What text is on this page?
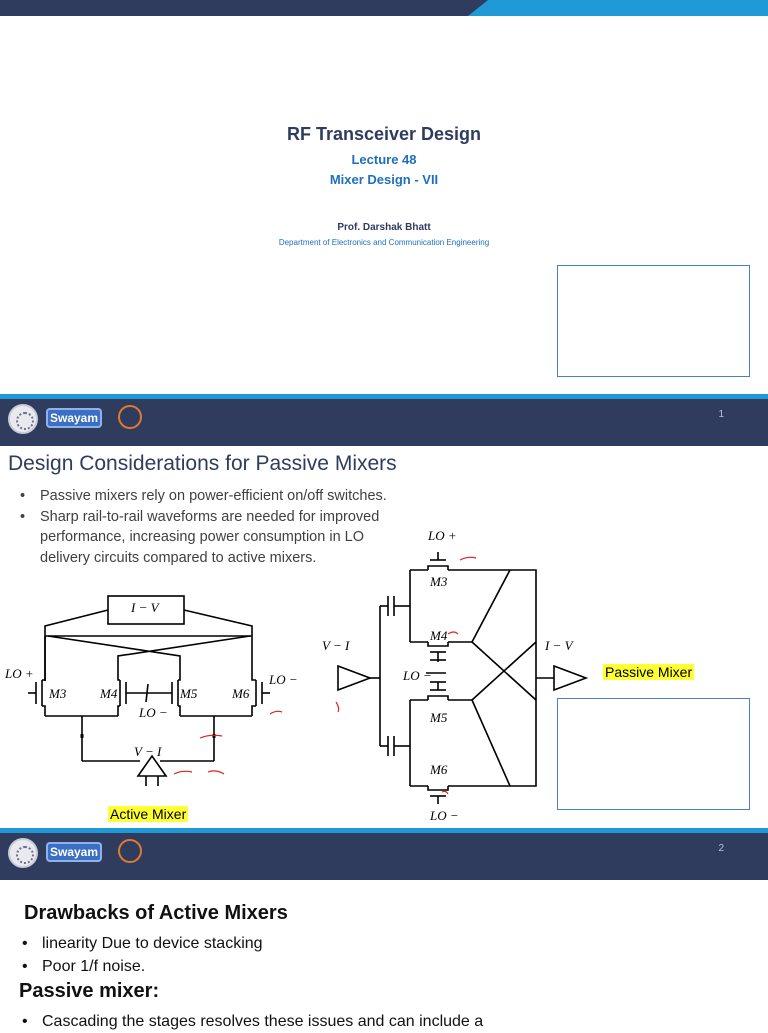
RF Transceiver Design
Lecture 48
Mixer Design - VII
Prof. Darshak Bhatt
Department of Electronics and Communication Engineering
Swayam	1
Design Considerations for Passive Mixers
• Passive mixers rely on power-efficient on/off switches.
• Sharp rail-to-rail waveforms are needed for improved performance, increasing power consumption in LO delivery circuits compared to active mixers.
I − V
LO +	LO −
LO −
M3	M4	M5	M6
V − I
Active Mixer
LO +
V − I	I − V
LO −
LO −
M3
M4
M5
M6
Passive Mixer
Swayam	2
Drawbacks of Active Mixers
• linearity Due to device stacking
• Poor 1/f noise.
Passive mixer:
• Cascading the stages resolves these issues and can include a
